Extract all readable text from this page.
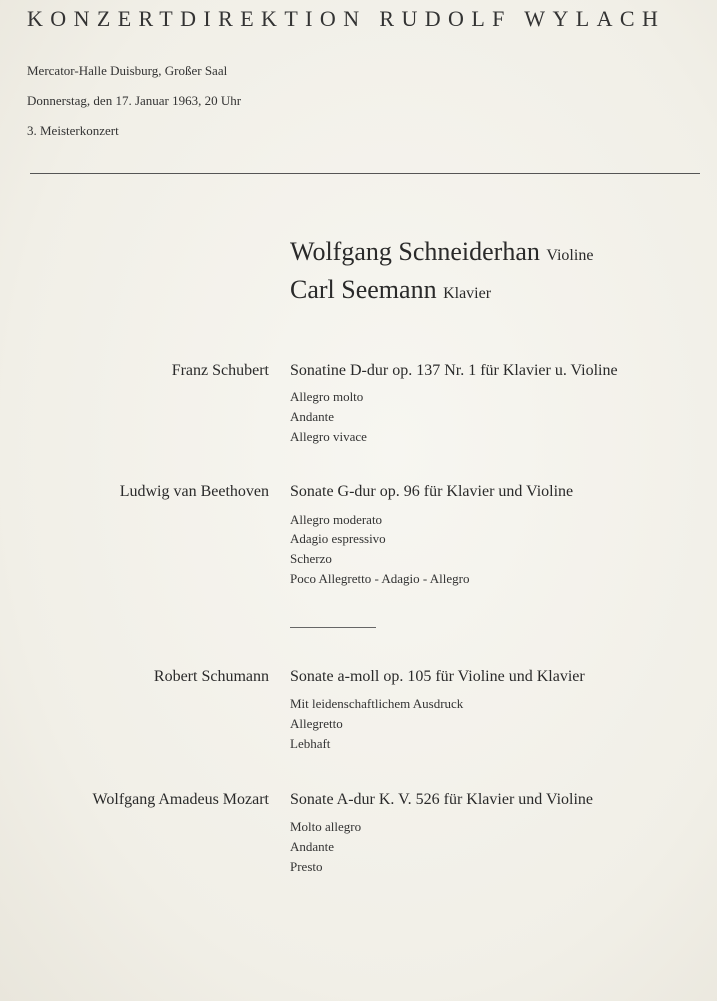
KONZERTDIREKTION RUDOLF WYLACH
Mercator-Halle Duisburg, Großer Saal
Donnerstag, den 17. Januar 1963, 20 Uhr
3. Meisterkonzert
Wolfgang Schneiderhan Violine
Carl Seemann Klavier
Franz Schubert Sonatine D-dur op. 137 Nr. 1 für Klavier u. Violine
Allegro molto
Andante
Allegro vivace
Ludwig van Beethoven Sonate G-dur op. 96 für Klavier und Violine
Allegro moderato
Adagio espressivo
Scherzo
Poco Allegretto - Adagio - Allegro
Robert Schumann Sonate a-moll op. 105 für Violine und Klavier
Mit leidenschaftlichem Ausdruck
Allegretto
Lebhaft
Wolfgang Amadeus Mozart Sonate A-dur K. V. 526 für Klavier und Violine
Molto allegro
Andante
Presto
